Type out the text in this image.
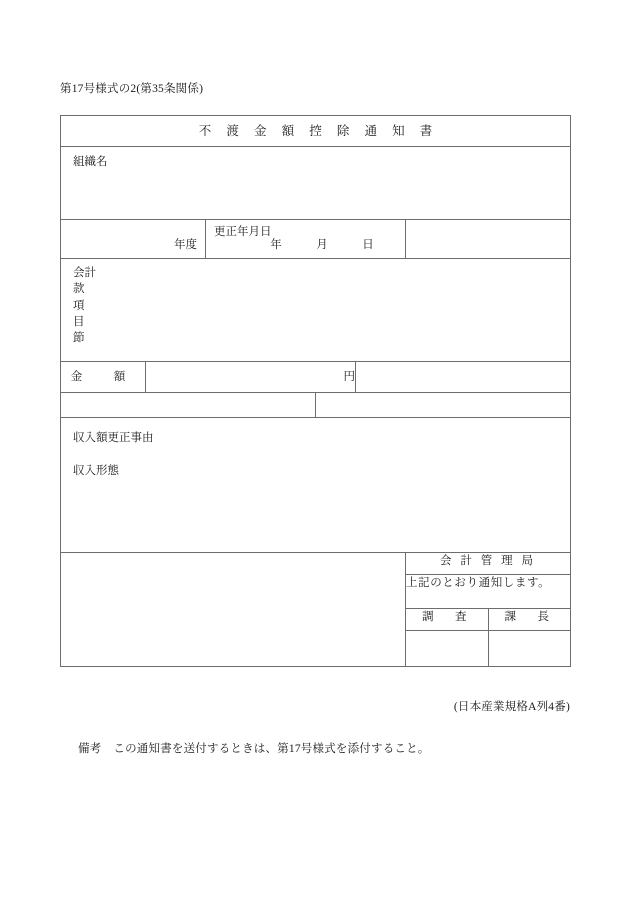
第17号様式の2(第35条関係)
不 渡 金 額 控 除 通 知 書

組織名

年度

更正年月日
年	月	日

会計
款
項
目
節

金　額	円	

収入額更正事由
収入形態

会 計 管 理 局
上記のとおり通知します。
調　査	課　長

(日本産業規格A列4番)
備考 この通知書を送付するときは、第17号様式を添付すること。
